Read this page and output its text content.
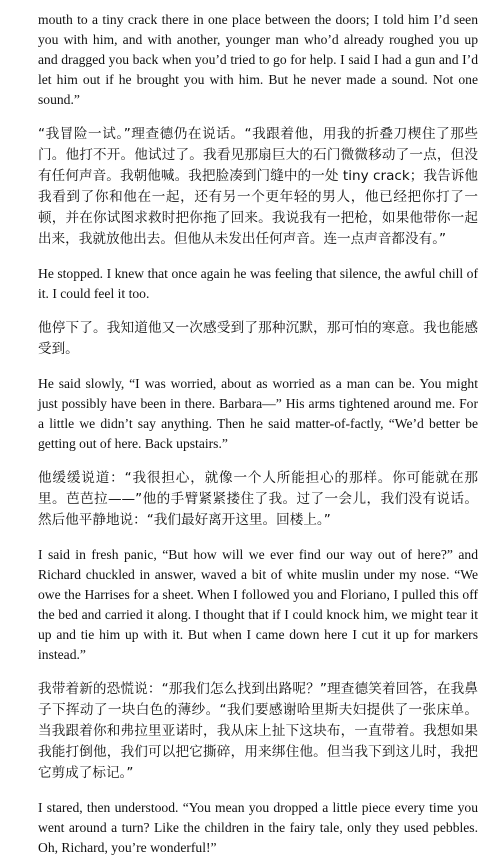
mouth to a tiny crack there in one place between the doors; I told him I’d seen you with him, and with another, younger man who’d already roughed you up and dragged you back when you’d tried to go for help. I said I had a gun and I’d let him out if he brought you with him. But he never made a sound. Not one sound.”

“我冒险一试。”理查德仍在说话。“我跟着他，用我的折叠刀楔住了那些门。他打不开。他试过了。我看见那扇巨大的石门微微移动了一点，但没有任何声音。我朝他喊。我把脸凑到门缝中的一处 tiny crack；我告诉他我看到了你和他在一起，还有另一个更年轻的男人，他已经把你打了一顿，并在你试图求救时把你拖了回来。我说我有一把枪，如果他带你一起出来，我就放他出去。但他从未发出任何声音。连一点声音都没有。”

He stopped. I knew that once again he was feeling that silence, the awful chill of it. I could feel it too.

他停下了。我知道他又一次感受到了那种沉默，那可怕的寒意。我也能感受到。

He said slowly, “I was worried, about as worried as a man can be. You might just possibly have been in there. Barbara—” His arms tightened around me. For a little we didn’t say anything. Then he said matter-of-factly, “We’d better be getting out of here. Back upstairs.”

他缓缓说道：“我很担心，就像一个人所能担心的那样。你可能就在那里。芭芭拉——”他的手臂紧紧搂住了我。过了一会儿，我们没有说话。然后他平静地说：“我们最好离开这里。回楼上。”

I said in fresh panic, “But how will we ever find our way out of here?” and Richard chuckled in answer, waved a bit of white muslin under my nose. “We owe the Harrises for a sheet. When I followed you and Floriano, I pulled this off the bed and carried it along. I thought that if I could knock him, we might tear it up and tie him up with it. But when I came down here I cut it up for markers instead.”

我带着新的恐慌说：“那我们怎么找到出路呢？”理查德笑着回答，在我鼻子下挥动了一块白色的薄纱。“我们要感谢哈里斯夫妇提供了一张床单。当我跟着你和弗拉里亚诺时，我从床上扯下这块布，一直带着。我想如果我能打倒他，我们可以把它撕碎，用来绑住他。但当我下到这儿时，我把它剪成了标记。”

I stared, then understood. “You mean you dropped a little piece every time you went around a turn? Like the children in the fairy tale, only they used pebbles. Oh, Richard, you’re wonderful!”
